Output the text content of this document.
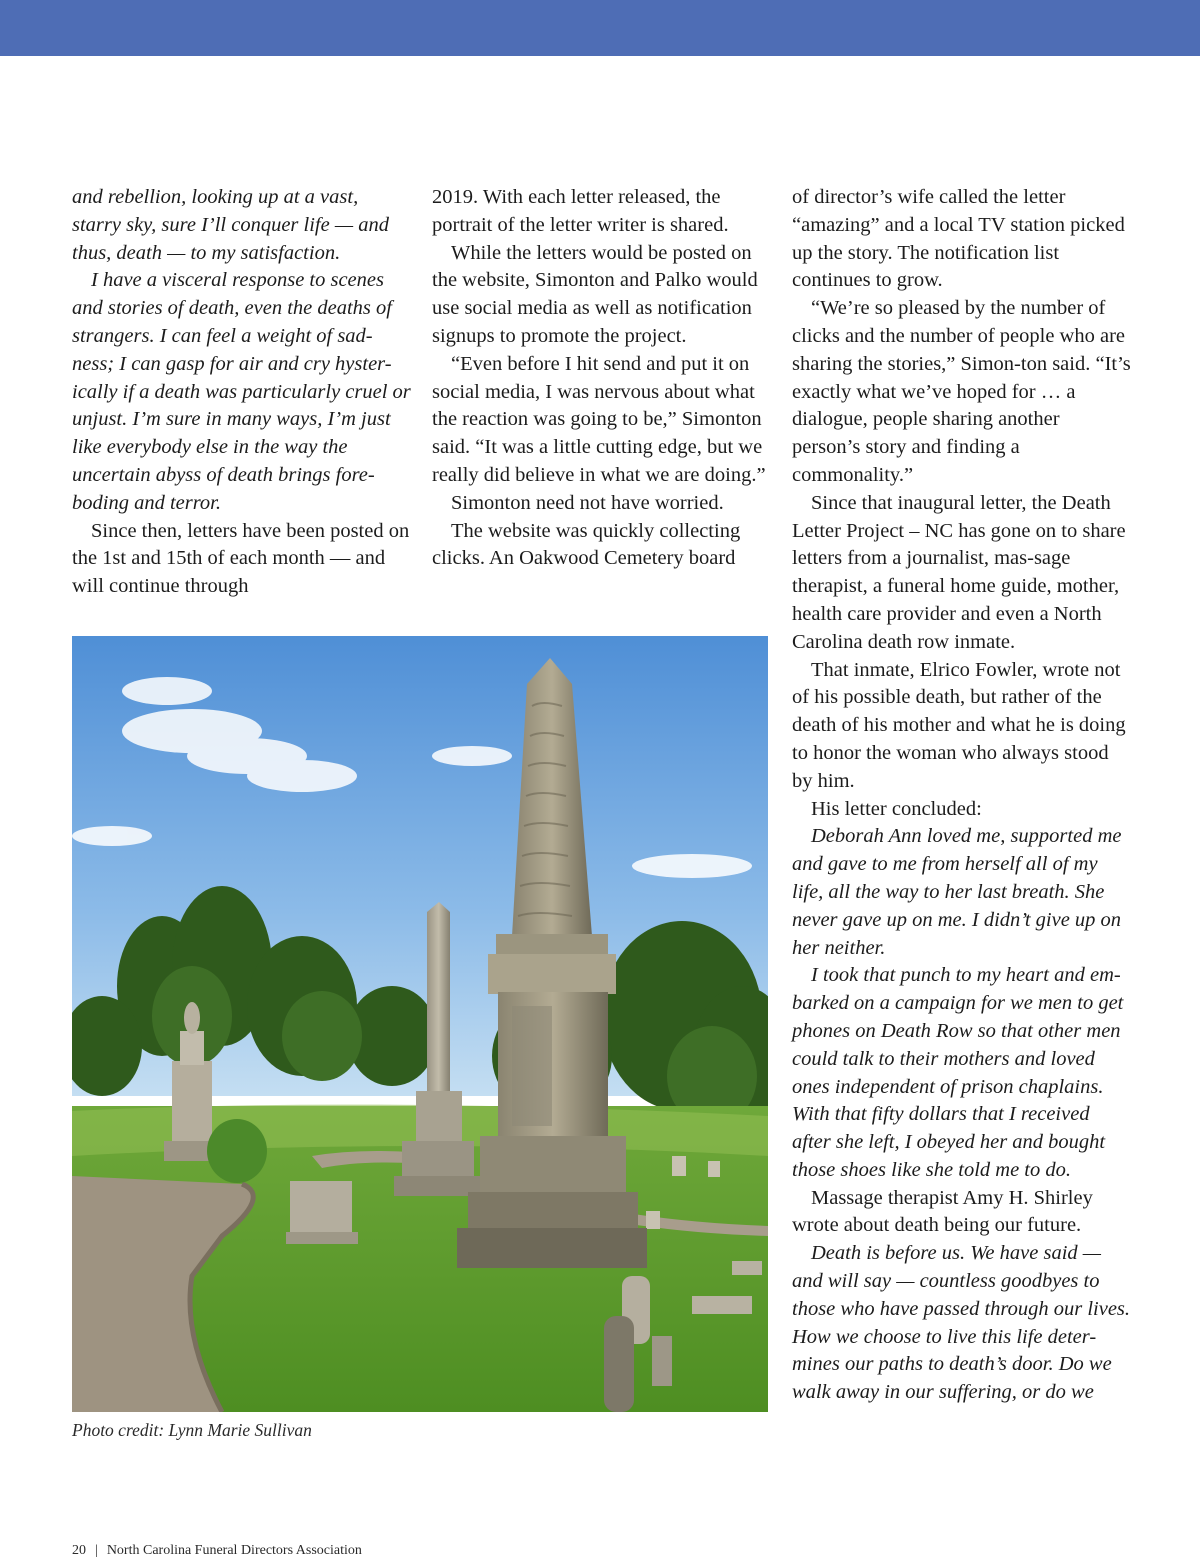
and rebellion, looking up at a vast, starry sky, sure I’ll conquer life — and thus, death — to my satisfaction.

I have a visceral response to scenes and stories of death, even the deaths of strangers. I can feel a weight of sad-ness; I can gasp for air and cry hyster-ically if a death was particularly cruel or unjust. I’m sure in many ways, I’m just like everybody else in the way the uncertain abyss of death brings fore-boding and terror.

Since then, letters have been posted on the 1st and 15th of each month — and will continue through

2019. With each letter released, the portrait of the letter writer is shared.

While the letters would be posted on the website, Simonton and Palko would use social media as well as notification signups to promote the project.

“Even before I hit send and put it on social media, I was nervous about what the reaction was going to be,” Simonton said. “It was a little cutting edge, but we really did believe in what we are doing.”

Simonton need not have worried.

The website was quickly collecting clicks. An Oakwood Cemetery board

of director’s wife called the letter “amazing” and a local TV station picked up the story. The notification list continues to grow.

“We’re so pleased by the number of clicks and the number of people who are sharing the stories,” Simon-ton said. “It’s exactly what we’ve hoped for … a dialogue, people sharing another person’s story and finding a commonality.”

Since that inaugural letter, the Death Letter Project – NC has gone on to share letters from a journalist, mas-sage therapist, a funeral home guide, mother, health care provider and even a North Carolina death row inmate.

That inmate, Elrico Fowler, wrote not of his possible death, but rather of the death of his mother and what he is doing to honor the woman who always stood by him.

His letter concluded:

Deborah Ann loved me, supported me and gave to me from herself all of my life, all the way to her last breath. She never gave up on me. I didn’t give up on her neither.

I took that punch to my heart and em-barked on a campaign for we men to get phones on Death Row so that other men could talk to their mothers and loved ones independent of prison chaplains. With that fifty dollars that I received after she left, I obeyed her and bought those shoes like she told me to do.

Massage therapist Amy H. Shirley wrote about death being our future.

Death is before us. We have said — and will say — countless goodbyes to those who have passed through our lives. How we choose to live this life deter-mines our paths to death’s door. Do we walk away in our suffering, or do we

Photo credit: Lynn Marie Sullivan
20 | North Carolina Funeral Directors Association
